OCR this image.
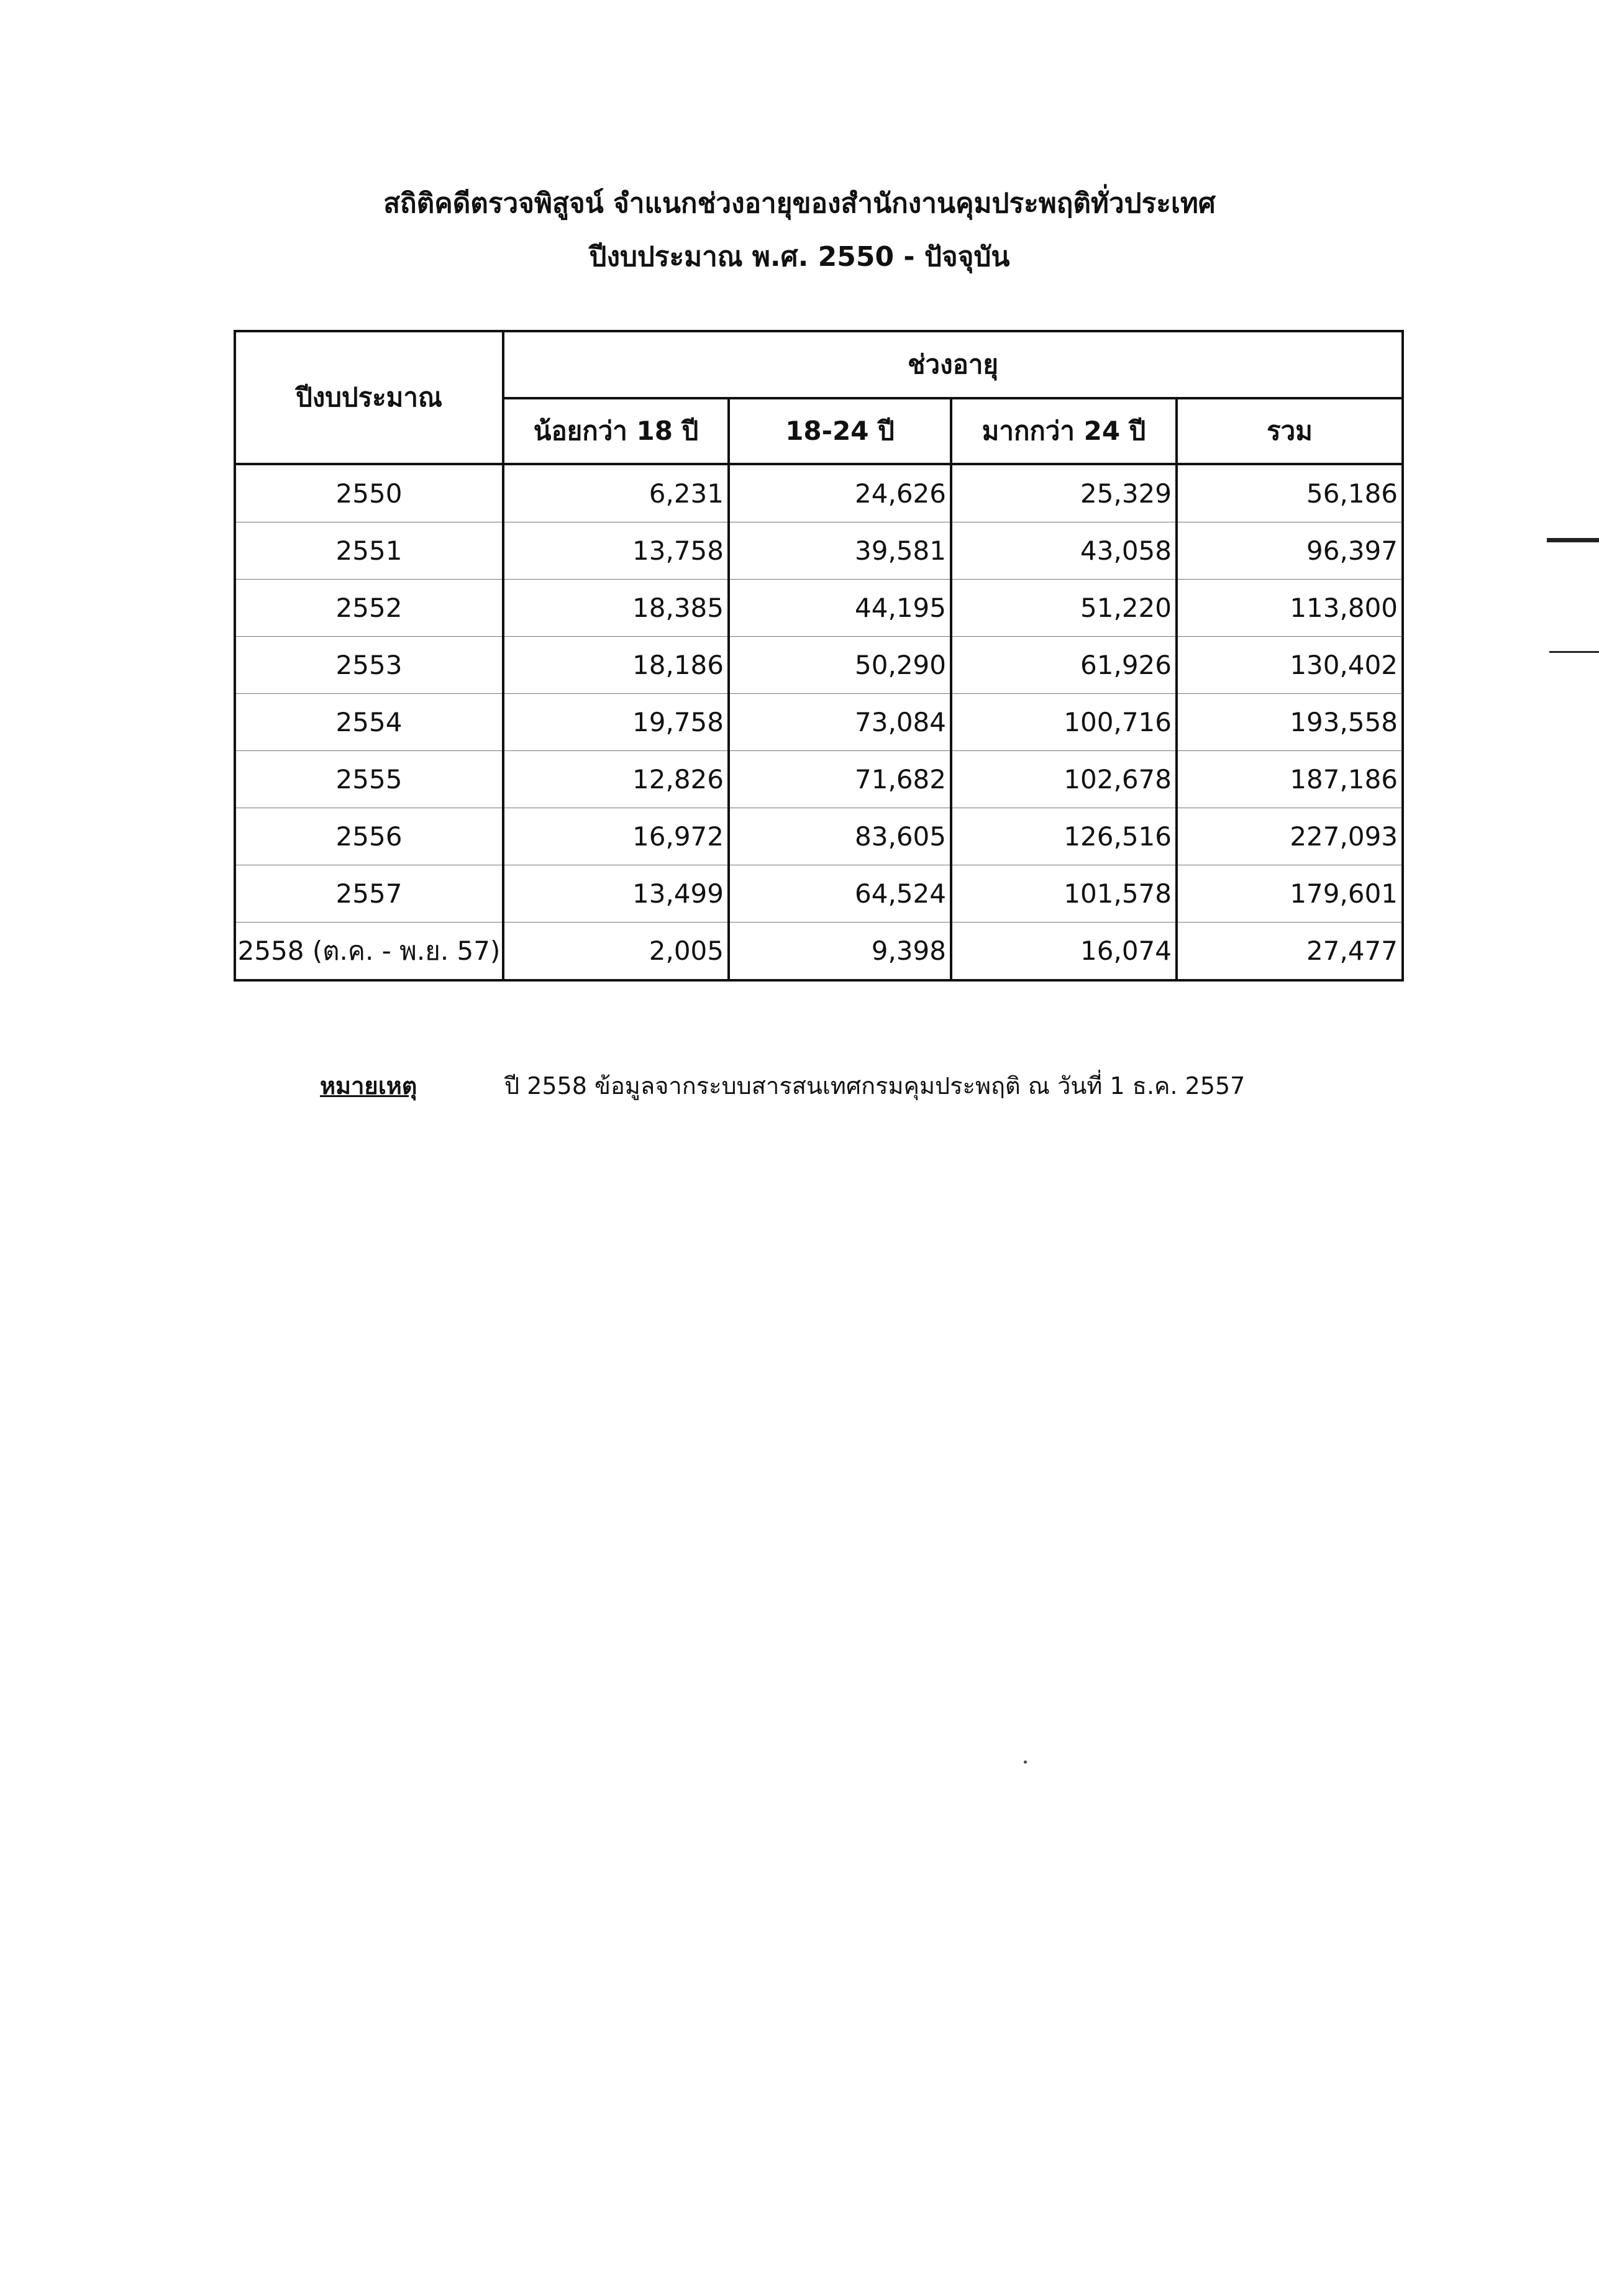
สถิติคดีตรวจพิสูจน์ จำแนกช่วงอายุของสำนักงานคุมประพฤติทั่วประเทศ
ปีงบประมาณ พ.ศ. 2550 - ปัจจุบัน
ปีงบประมาณ	ช่วงอายุ			
	น้อยกว่า 18 ปี	18-24 ปี	มากกว่า 24 ปี	รวม
2550	6,231	24,626	25,329	56,186
2551	13,758	39,581	43,058	96,397
2552	18,385	44,195	51,220	113,800
2553	18,186	50,290	61,926	130,402
2554	19,758	73,084	100,716	193,558
2555	12,826	71,682	102,678	187,186
2556	16,972	83,605	126,516	227,093
2557	13,499	64,524	101,578	179,601
2558 (ต.ค. - พ.ย. 57)	2,005	9,398	16,074	27,477
หมายเหตุ	ปี 2558 ข้อมูลจากระบบสารสนเทศกรมคุมประพฤติ ณ วันที่ 1 ธ.ค. 2557
